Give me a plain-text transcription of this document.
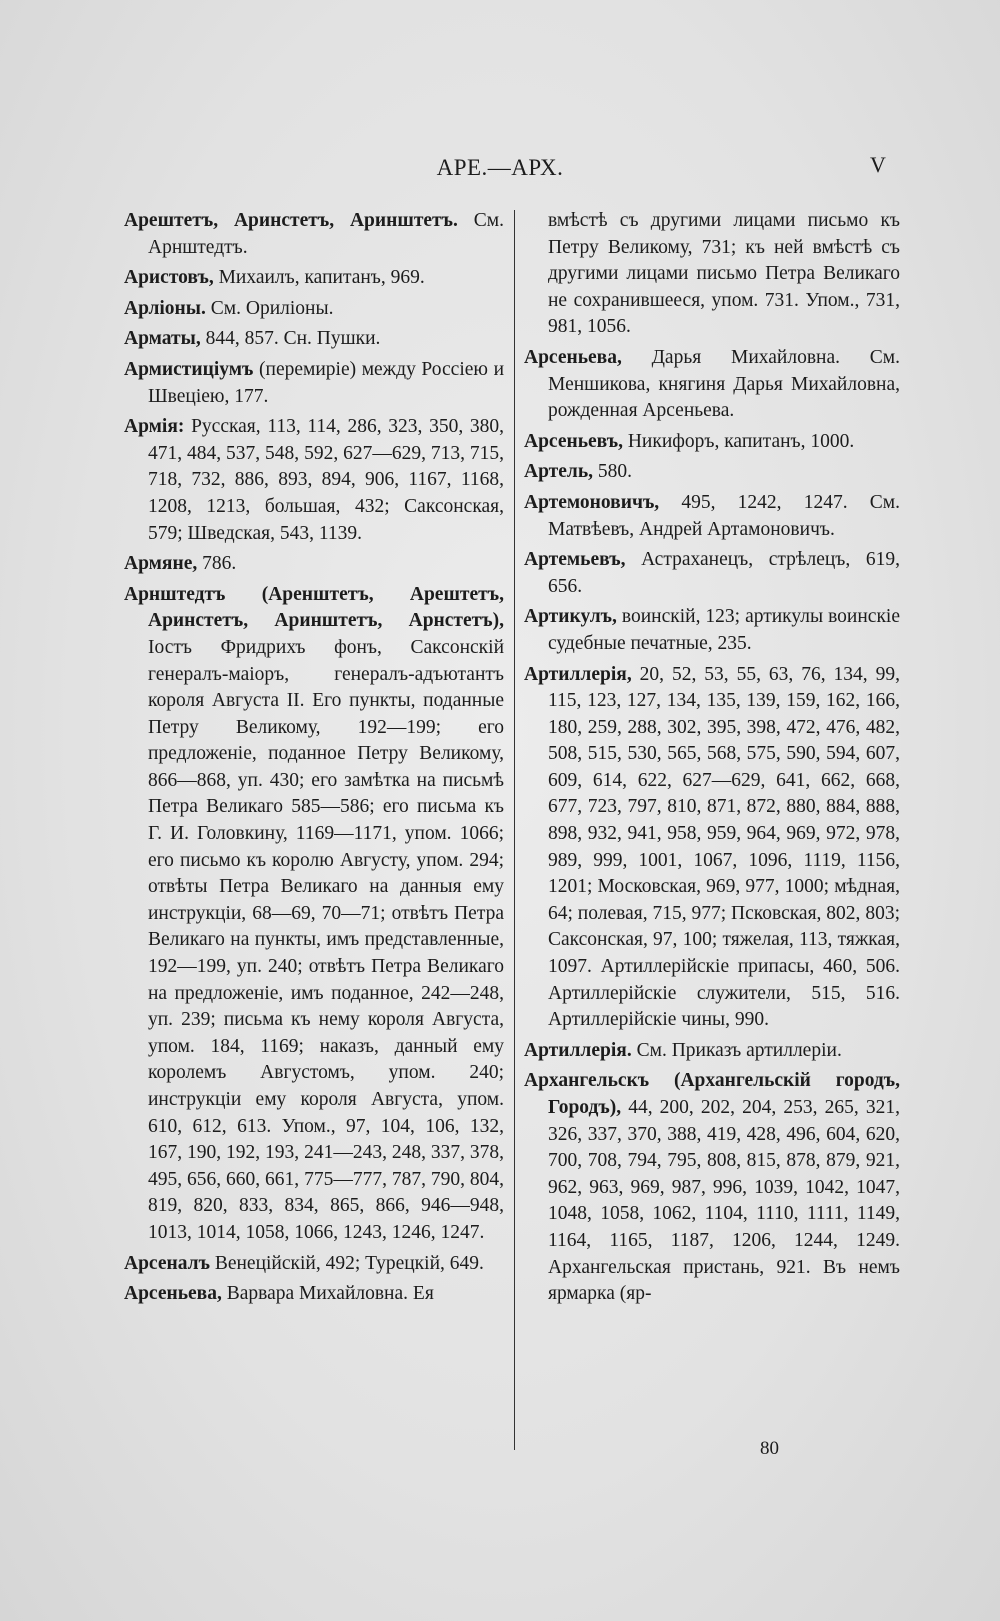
АРЕ.—АРХ.	V

Арештетъ, Аринстетъ, Аринштетъ. См. Арнштедтъ.

Аристовъ, Михаилъ, капитанъ, 969.

Арліоны. См. Ориліоны.

Арматы, 844, 857. Сн. Пушки.

Армистиціумъ (перемиріе) между Россіею и Швеціею, 177.

Армія: Русская, 113, 114, 286, 323, 350, 380, 471, 484, 537, 548, 592, 627—629, 713, 715, 718, 732, 886, 893, 894, 906, 1167, 1168, 1208, 1213, большая, 432; Саксонская, 579; Шведская, 543, 1139.

Армяне, 786.

Арнштедтъ (Аренштетъ, Арештетъ, Аринстетъ, Аринштетъ, Арнстетъ), Іостъ Фридрихъ фонъ, Саксонскій генералъ-маіоръ, генералъ-адъютантъ короля Августа II. Его пункты, поданные Петру Великому, 192—199; его предложеніе, поданное Петру Великому, 866—868, уп. 430; его замѣтка на письмѣ Петра Великаго 585—586; его письма къ Г. И. Головкину, 1169—1171, упом. 1066; его письмо къ королю Августу, упом. 294; отвѣты Петра Великаго на данныя ему инструкціи, 68—69, 70—71; отвѣтъ Петра Великаго на пункты, имъ представленные, 192—199, уп. 240; отвѣтъ Петра Великаго на предложеніе, имъ поданное, 242—248, уп. 239; письма къ нему короля Августа, упом. 184, 1169; наказъ, данный ему королемъ Августомъ, упом. 240; инструкціи ему короля Августа, упом. 610, 612, 613. Упом., 97, 104, 106, 132, 167, 190, 192, 193, 241—243, 248, 337, 378, 495, 656, 660, 661, 775—777, 787, 790, 804, 819, 820, 833, 834, 865, 866, 946—948, 1013, 1014, 1058, 1066, 1243, 1246, 1247.

Арсеналъ Венеційскій, 492; Турецкій, 649.

Арсеньева, Варвара Михайловна. Ея

вмѣстѣ съ другими лицами письмо къ Петру Великому, 731; къ ней вмѣстѣ съ другими лицами письмо Петра Великаго не сохранившееся, упом. 731. Упом., 731, 981, 1056.

Арсеньева, Дарья Михайловна. См. Меншикова, княгиня Дарья Михайловна, рожденная Арсеньева.

Арсеньевъ, Никифоръ, капитанъ, 1000.

Артель, 580.

Артемоновичъ, 495, 1242, 1247. См. Матвѣевъ, Андрей Артамоновичъ.

Артемьевъ, Астраханецъ, стрѣлецъ, 619, 656.

Артикулъ, воинскій, 123; артикулы воинскіе судебные печатные, 235.

Артиллерія, 20, 52, 53, 55, 63, 76, 134, 99, 115, 123, 127, 134, 135, 139, 159, 162, 166, 180, 259, 288, 302, 395, 398, 472, 476, 482, 508, 515, 530, 565, 568, 575, 590, 594, 607, 609, 614, 622, 627—629, 641, 662, 668, 677, 723, 797, 810, 871, 872, 880, 884, 888, 898, 932, 941, 958, 959, 964, 969, 972, 978, 989, 999, 1001, 1067, 1096, 1119, 1156, 1201; Московская, 969, 977, 1000; мѣдная, 64; полевая, 715, 977; Псковская, 802, 803; Саксонская, 97, 100; тяжелая, 113, тяжкая, 1097. Артиллерійскіе припасы, 460, 506. Артиллерійскіе служители, 515, 516. Артиллерійскіе чины, 990.

Артиллерія. См. Приказъ артиллеріи.

Архангельскъ (Архангельскій городъ, Городъ), 44, 200, 202, 204, 253, 265, 321, 326, 337, 370, 388, 419, 428, 496, 604, 620, 700, 708, 794, 795, 808, 815, 878, 879, 921, 962, 963, 969, 987, 996, 1039, 1042, 1047, 1048, 1058, 1062, 1104, 1110, 1111, 1149, 1164, 1165, 1187, 1206, 1244, 1249. Архангельская пристань, 921. Въ немъ ярмарка (яр-

80
